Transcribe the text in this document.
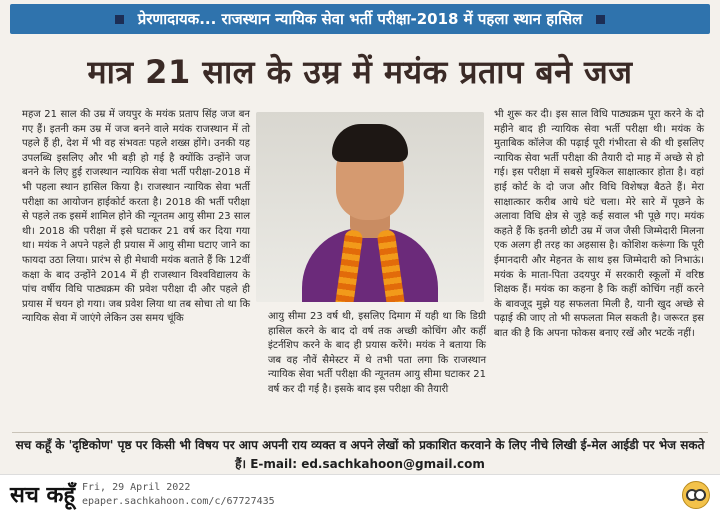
प्रेरणादायक... राजस्थान न्यायिक सेवा भर्ती परीक्षा-2018 में पहला स्थान हासिल
मात्र 21 साल के उम्र में मयंक प्रताप बने जज
महज 21 साल की उम्र में जयपुर के मयंक प्रताप सिंह जज बन गए हैं। इतनी कम उम्र में जज बनने वाले मयंक राजस्थान में तो पहले हैं ही, देश में भी वह संभवतः पहले शख्स होंगे। उनकी यह उपलब्धि इसलिए और भी बड़ी हो गई है क्योंकि उन्होंने जज बनने के लिए हुई राजस्थान न्यायिक सेवा भर्ती परीक्षा-2018 में भी पहला स्थान हासिल किया है। राजस्थान न्यायिक सेवा भर्ती परीक्षा का आयोजन हाईकोर्ट करता है। 2018 की भर्ती परीक्षा से पहले तक इसमें शामिल होने की न्यूनतम आयु सीमा 23 साल थी। 2018 की परीक्षा में इसे घटाकर 21 वर्ष कर दिया गया था। मयंक ने अपने पहले ही प्रयास में आयु सीमा घटाए जाने का फायदा उठा लिया। प्रारंभ से ही मेधावी मयंक बताते हैं कि 12वीं कक्षा के बाद उन्होंने 2014 में ही राजस्थान विश्वविद्यालय के पांच वर्षीय विधि पाठ्यक्रम की प्रवेश परीक्षा दी और पहले ही प्रयास में चयन हो गया। जब प्रवेश लिया था तब सोचा तो था कि न्यायिक सेवा में जाएंगे लेकिन उस समय चूंकि	आयु सीमा 23 वर्ष थी, इसलिए दिमाग में यही था कि डिग्री हासिल करने के बाद दो वर्ष तक अच्छी कोचिंग और कहीं इंटर्नशिप करने के बाद ही प्रयास करेंगे। मयंक ने बताया कि जब वह नौवें सैमेस्टर में थे तभी पता लगा कि राजस्थान न्यायिक सेवा भर्ती परीक्षा की न्यूनतम आयु सीमा घटाकर 21 वर्ष कर दी गई है। इसके बाद इस परीक्षा की तैयारी
भी शुरू कर दी। इस साल विधि पाठ्यक्रम पूरा करने के दो महीने बाद ही न्यायिक सेवा भर्ती परीक्षा थी। मयंक के मुताबिक कॉलेज की पढ़ाई पूरी गंभीरता से की थी इसलिए न्यायिक सेवा भर्ती परीक्षा की तैयारी दो माह में अच्छे से हो गई। इस परीक्षा में सबसे मुश्किल साक्षात्कार होता है। वहां हाई कोर्ट के दो जज और विधि विशेषज्ञ बैठते हैं। मेरा साक्षात्कार करीब आधे घंटे चला। मेरे सारे में पूछने के अलावा विधि क्षेत्र से जुड़े कई सवाल भी पूछे गए। मयंक कहते हैं कि इतनी छोटी उम्र में जज जैसी जिम्मेदारी मिलना एक अलग ही तरह का अहसास है। कोशिश करूंगा कि पूरी ईमानदारी और मेहनत के साथ इस जिम्मेदारी को निभाऊं। मयंक के माता-पिता उदयपुर में सरकारी स्कूलों में वरिष्ठ शिक्षक हैं। मयंक का कहना है कि कहीं कोचिंग नहीं करने के बावजूद मुझे यह सफलता मिली है, यानी खुद अच्छे से पढ़ाई की जाए तो भी सफलता मिल सकती है। जरूरत इस बात की है कि अपना फोकस बनाए रखें और भटकें नहीं।
सच कहूँ के 'दृष्टिकोण' पृष्ठ पर किसी भी विषय पर आप अपनी राय व्यक्त व अपने लेखों को प्रकाशित करवाने के लिए नीचे लिखी ई-मेल आईडी पर भेज सकते हैं। E-mail: ed.sachkahoon@gmail.com
सच कहूँ Fri, 29 April 2022
epaper.sachkahoon.com/c/67727435
